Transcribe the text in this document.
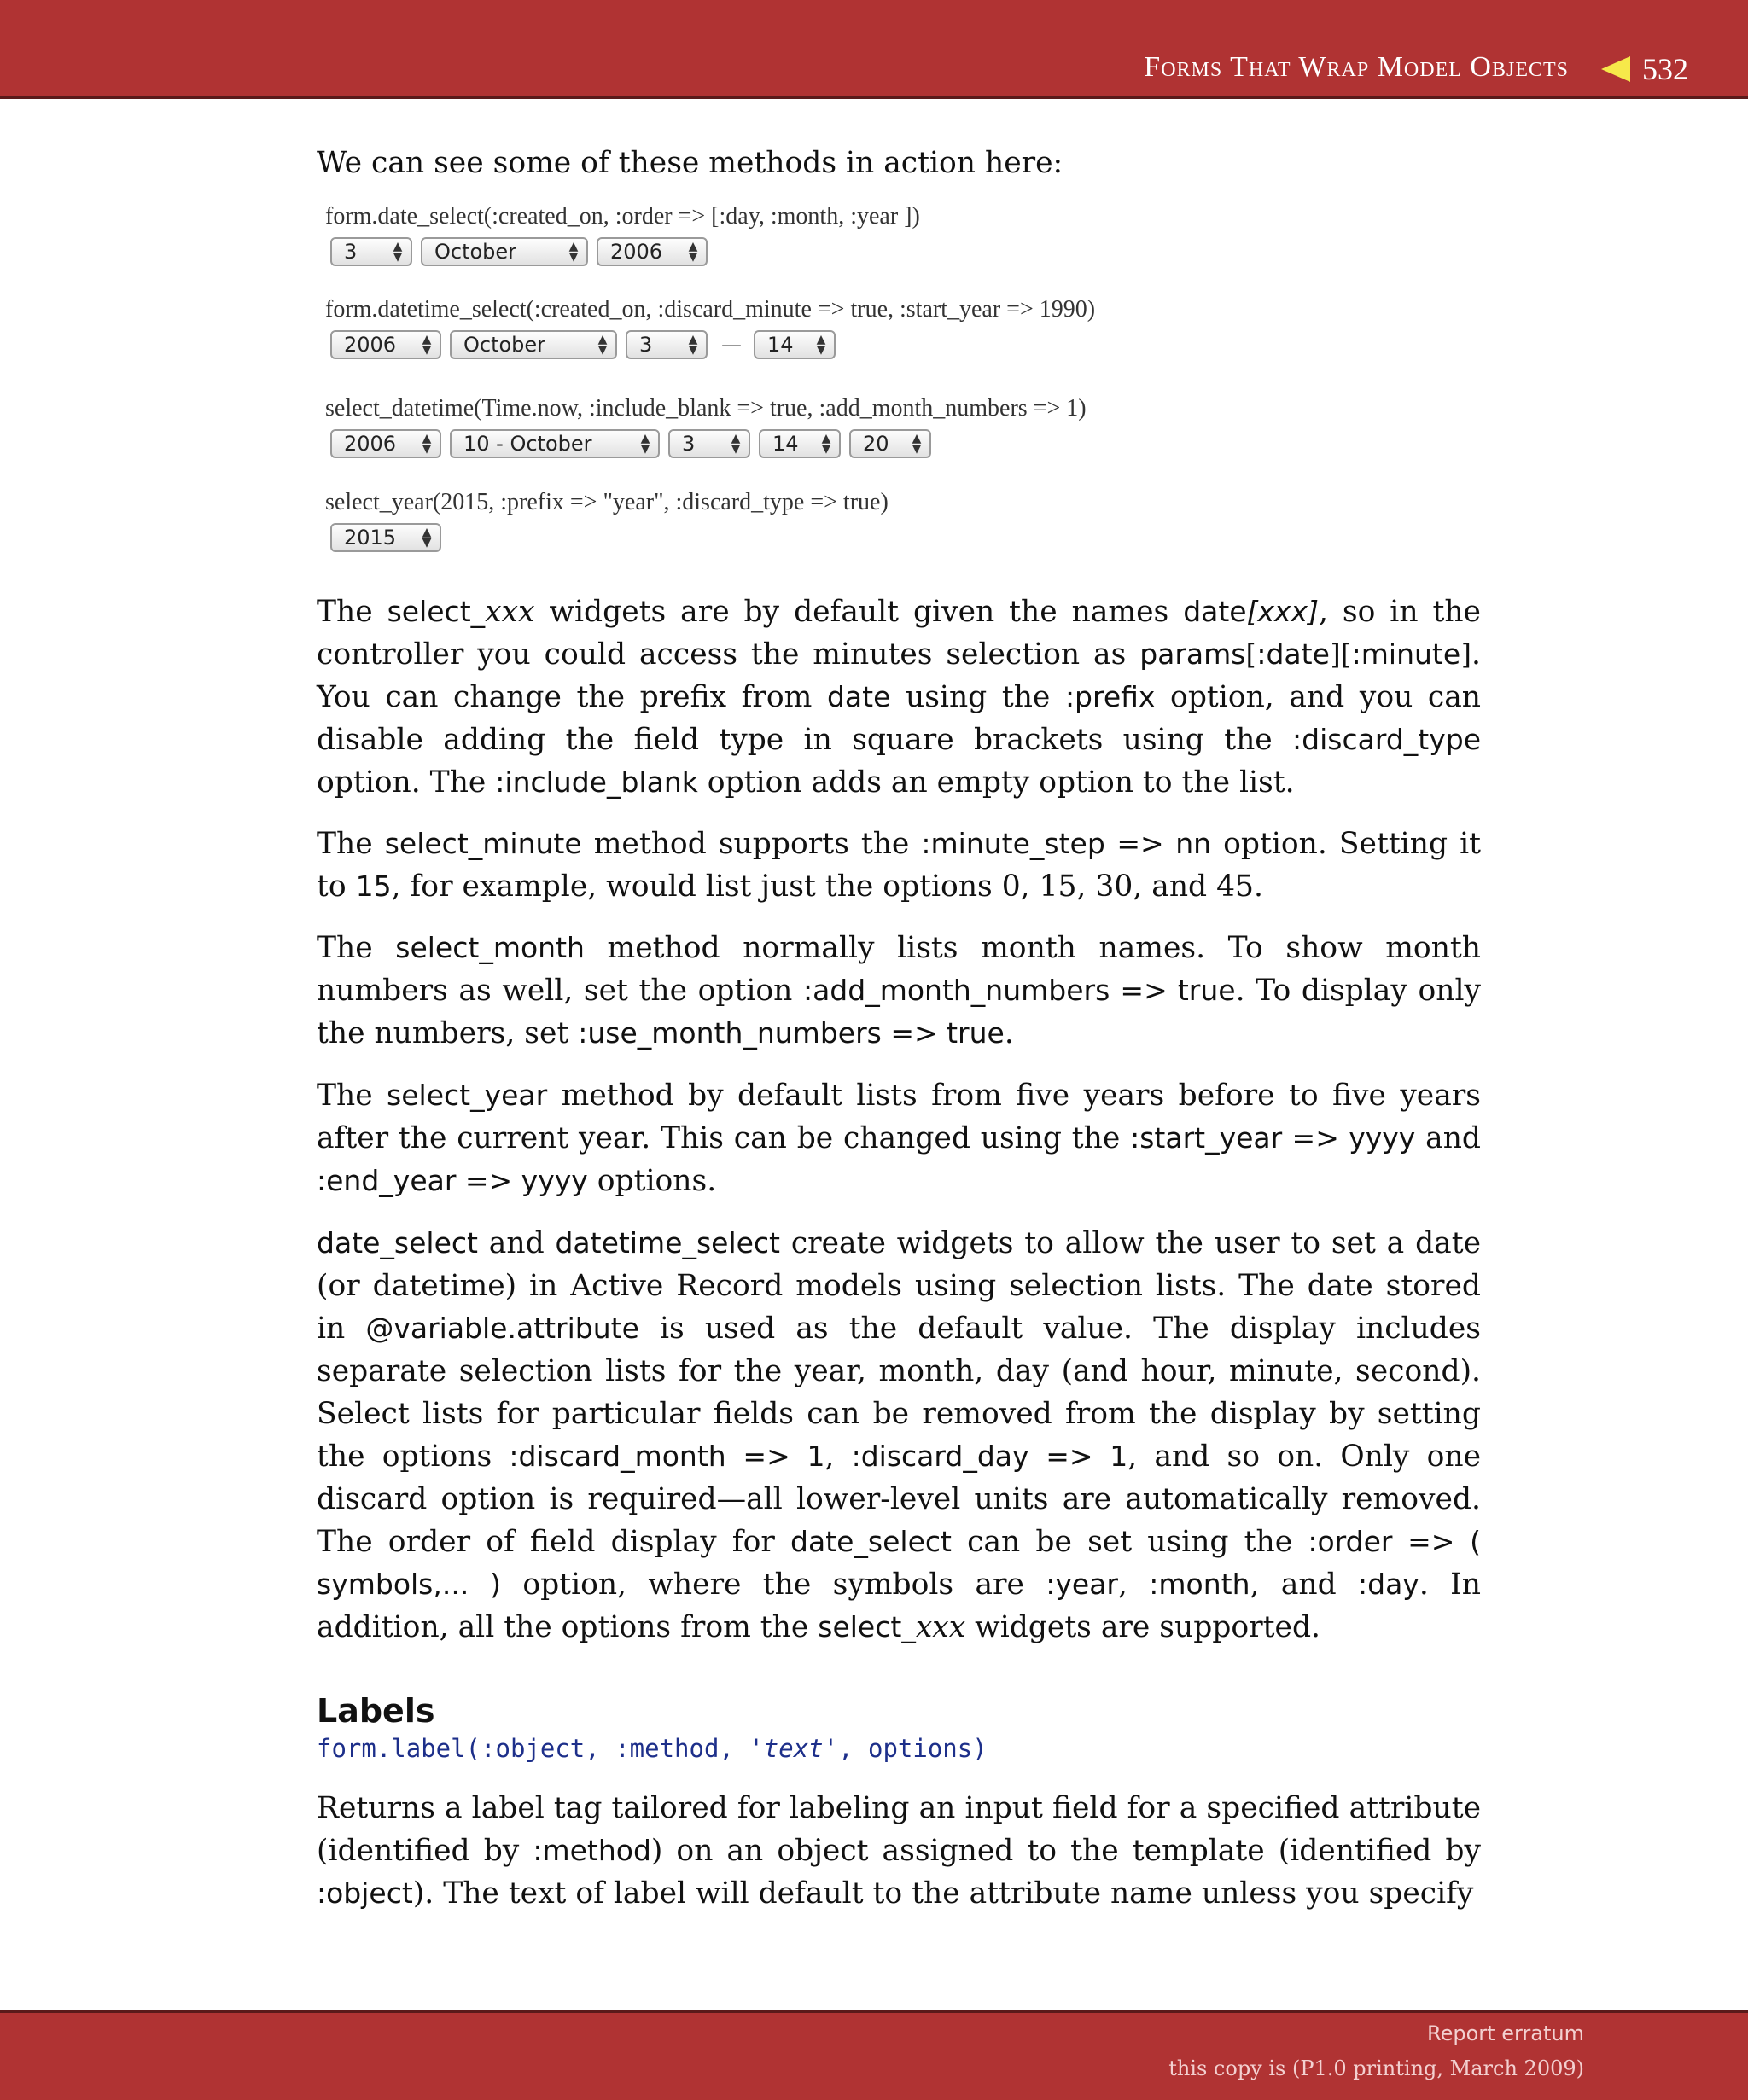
Forms That Wrap Model Objects 532
We can see some of these methods in action here:
form.date_select(:created_on, :order => [:day, :month, :year ])
3	▲
▼ October	▲
▼ 2006 ▲
▼
form.datetime_select(:created_on, :discard_minute => true, :start_year => 1990)
2006 ▲
▼ October	▲
▼ 3	▲
▼ — 14 ▲
▼
select_datetime(Time.now, :include_blank => true, :add_month_numbers => 1)
2006 ▲
▼ 10 - October	▲
▼ 3	▲
▼ 14 ▲
▼ 20 ▲
▼
select_year(2015, :prefix => "year", :discard_type => true)
2015 ▲
▼
The select_xxx widgets are by default given the names date[xxx], so in the controller you could access the minutes selection as params[:date][:minute]. You can change the prefix from date using the :prefix option, and you can disable adding the field type in square brackets using the :discard_type option. The :include_blank option adds an empty option to the list.
The select_minute method supports the :minute_step => nn option. Setting it to 15, for example, would list just the options 0, 15, 30, and 45.
The select_month method normally lists month names. To show month numbers as well, set the option :add_month_numbers => true. To display only the numbers, set :use_month_numbers => true.
The select_year method by default lists from five years before to five years after the current year. This can be changed using the :start_year => yyyy and :end_year => yyyy options.
date_select and datetime_select create widgets to allow the user to set a date (or datetime) in Active Record models using selection lists. The date stored in @variable.attribute is used as the default value. The display includes separate selection lists for the year, month, day (and hour, minute, second). Select lists for particular fields can be removed from the display by setting the options :discard_month => 1, :discard_day => 1, and so on. Only one discard option is required—all lower-level units are automatically removed. The order of field display for date_select can be set using the :order => ( symbols,... ) option, where the symbols are :year, :month, and :day. In addition, all the options from the select_xxx widgets are supported.
Labels
form.label(:object, :method, 'text', options)
Returns a label tag tailored for labeling an input field for a specified attribute (identified by :method) on an object assigned to the template (identified by :object). The text of label will default to the attribute name unless you specify
Report erratum
this copy is (P1.0 printing, March 2009)
